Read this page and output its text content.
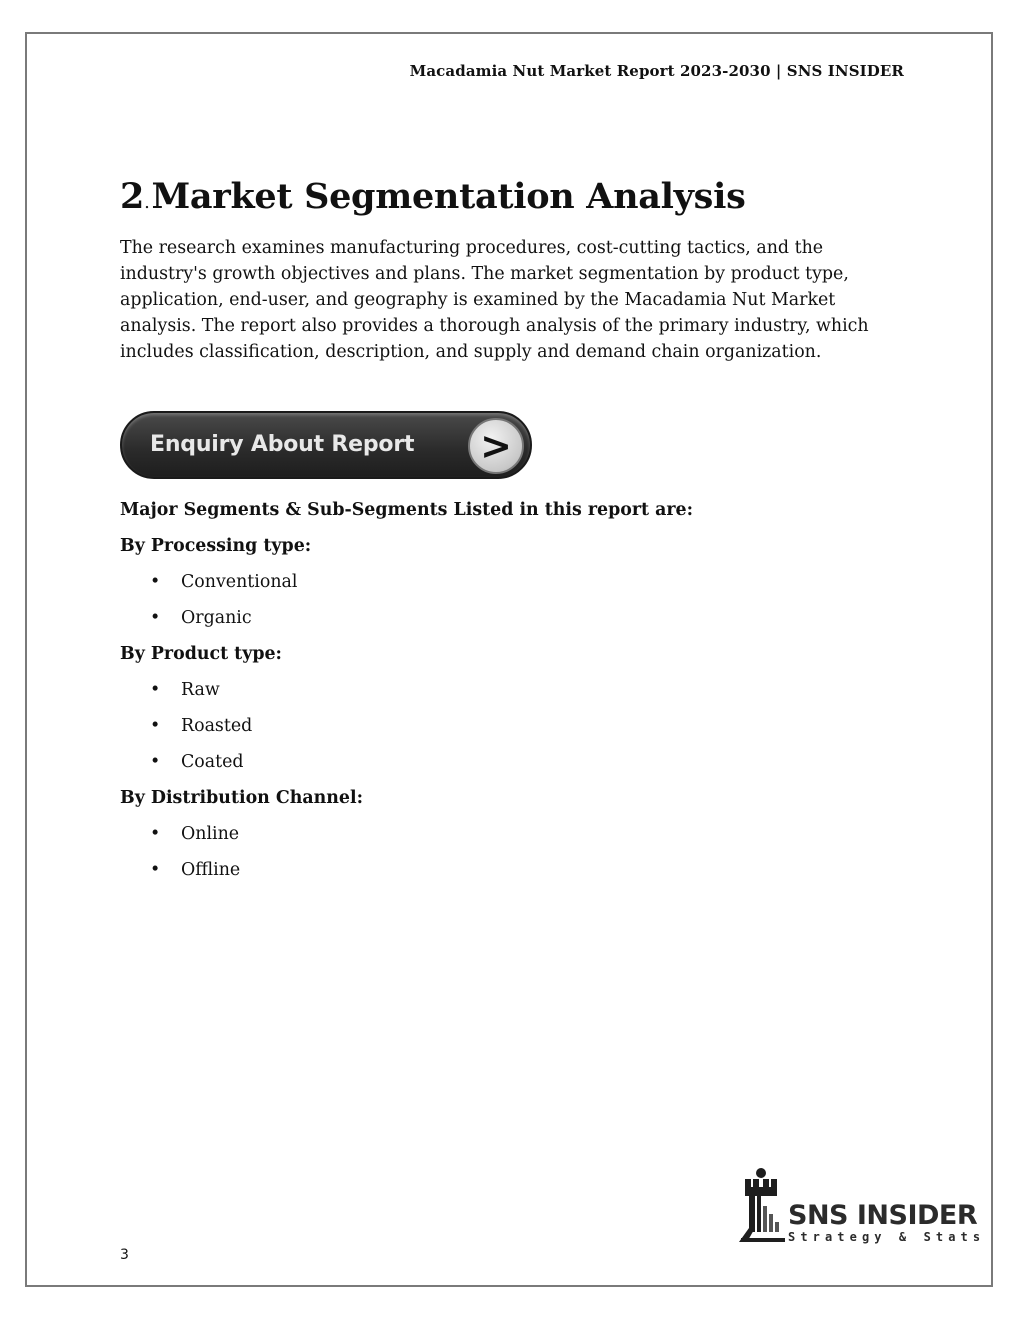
Macadamia Nut Market Report 2023-2030 | SNS INSIDER
2.Market Segmentation Analysis

The research examines manufacturing procedures, cost-cutting tactics, and the industry's growth objectives and plans. The market segmentation by product type, application, end-user, and geography is examined by the Macadamia Nut Market analysis. The report also provides a thorough analysis of the primary industry, which includes classification, description, and supply and demand chain organization.

Enquiry About Report	>
Major Segments & Sub-Segments Listed in this report are:
By Processing type:
• Conventional
• Organic
By Product type:
• Raw
• Roasted
• Coated
By Distribution Channel:
• Online
• Offline
SNS INSIDER
Strategy & Stats
3
